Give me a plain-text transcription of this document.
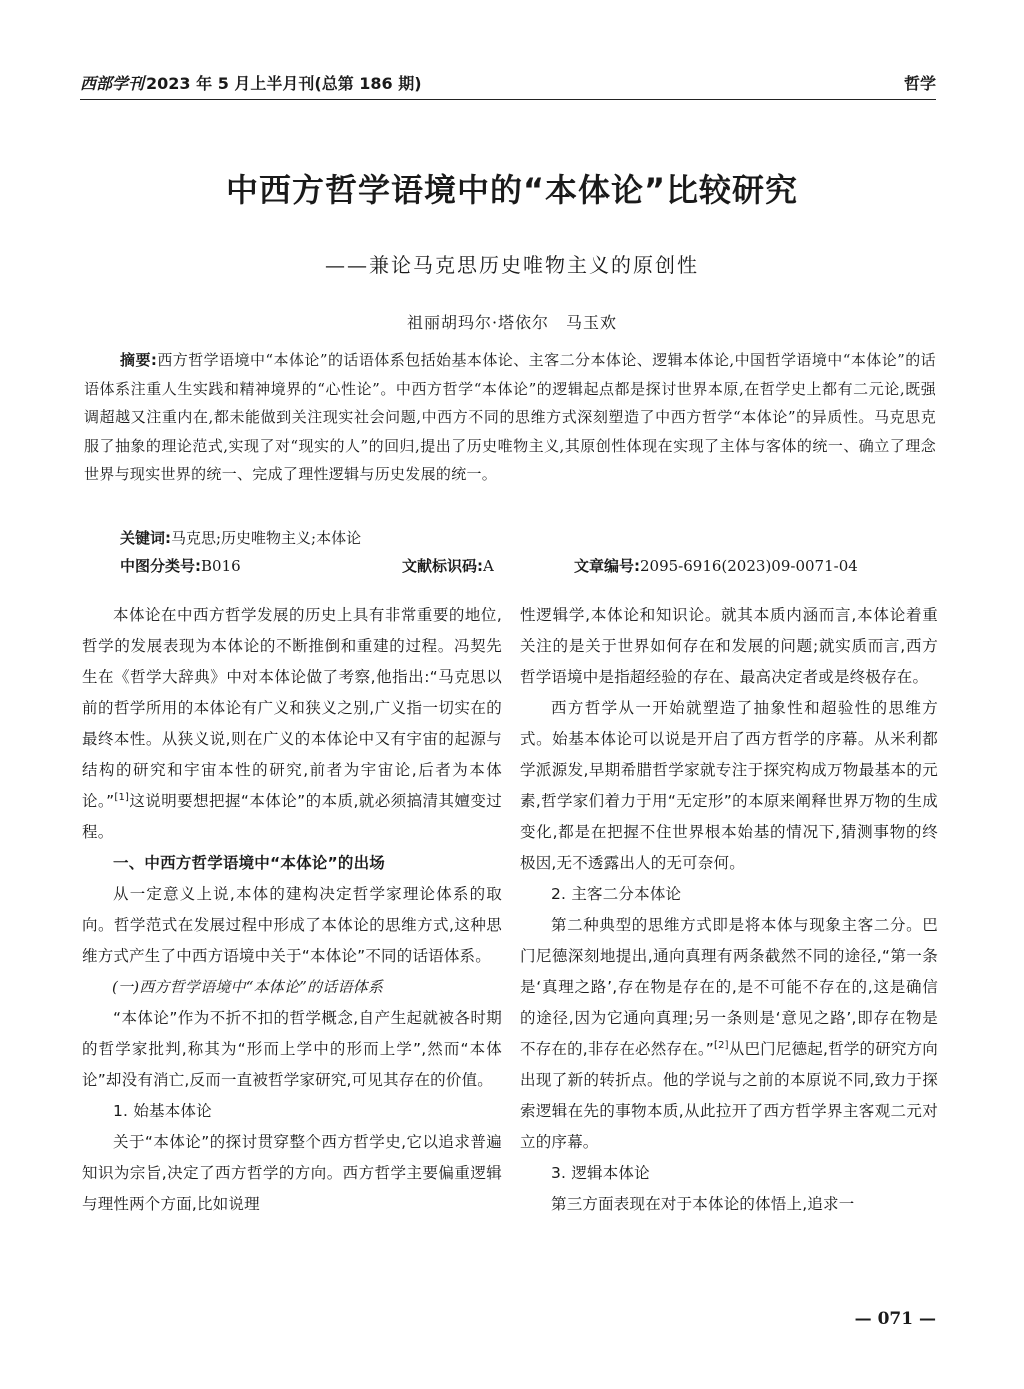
西部学刊 2023 年 5 月上半月刊(总第 186 期)	哲学
中西方哲学语境中的“本体论”比较研究
——兼论马克思历史唯物主义的原创性
祖丽胡玛尔·塔依尔　马玉欢

摘要:西方哲学语境中“本体论”的话语体系包括始基本体论、主客二分本体论、逻辑本体论,中国哲学语境中“本体论”的话语体系注重人生实践和精神境界的“心性论”。中西方哲学“本体论”的逻辑起点都是探讨世界本原,在哲学史上都有二元论,既强调超越又注重内在,都未能做到关注现实社会问题,中西方不同的思维方式深刻塑造了中西方哲学“本体论”的异质性。马克思克服了抽象的理论范式,实现了对“现实的人”的回归,提出了历史唯物主义,其原创性体现在实现了主体与客体的统一、确立了理念世界与现实世界的统一、完成了理性逻辑与历史发展的统一。

关键词:马克思;历史唯物主义;本体论
中图分类号:B016	文献标识码:A	文章编号:2095-6916(2023)09-0071-04

本体论在中西方哲学发展的历史上具有非常重要的地位,哲学的发展表现为本体论的不断推倒和重建的过程。冯契先生在《哲学大辞典》中对本体论做了考察,他指出:“马克思以前的哲学所用的本体论有广义和狭义之别,广义指一切实在的最终本性。从狭义说,则在广义的本体论中又有宇宙的起源与结构的研究和宇宙本性的研究,前者为宇宙论,后者为本体论。”[1]这说明要想把握“本体论”的本质,就必须搞清其嬗变过程。

一、中西方哲学语境中“本体论”的出场

从一定意义上说,本体的建构决定哲学家理论体系的取向。哲学范式在发展过程中形成了本体论的思维方式,这种思维方式产生了中西方语境中关于“本体论”不同的话语体系。

(一)西方哲学语境中“本体论”的话语体系

“本体论”作为不折不扣的哲学概念,自产生起就被各时期的哲学家批判,称其为“形而上学中的形而上学”,然而“本体论”却没有消亡,反而一直被哲学家研究,可见其存在的价值。

1. 始基本体论

关于“本体论”的探讨贯穿整个西方哲学史,它以追求普遍知识为宗旨,决定了西方哲学的方向。西方哲学主要偏重逻辑与理性两个方面,比如说理

性逻辑学,本体论和知识论。就其本质内涵而言,本体论着重关注的是关于世界如何存在和发展的问题;就实质而言,西方哲学语境中是指超经验的存在、最高决定者或是终极存在。

西方哲学从一开始就塑造了抽象性和超验性的思维方式。始基本体论可以说是开启了西方哲学的序幕。从米利都学派源发,早期希腊哲学家就专注于探究构成万物最基本的元素,哲学家们着力于用“无定形”的本原来阐释世界万物的生成变化,都是在把握不住世界根本始基的情况下,猜测事物的终极因,无不透露出人的无可奈何。

2. 主客二分本体论

第二种典型的思维方式即是将本体与现象主客二分。巴门尼德深刻地提出,通向真理有两条截然不同的途径,“第一条是‘真理之路’,存在物是存在的,是不可能不存在的,这是确信的途径,因为它通向真理;另一条则是‘意见之路’,即存在物是不存在的,非存在必然存在。”[2]从巴门尼德起,哲学的研究方向出现了新的转折点。他的学说与之前的本原说不同,致力于探索逻辑在先的事物本质,从此拉开了西方哲学界主客观二元对立的序幕。

3. 逻辑本体论

第三方面表现在对于本体论的体悟上,追求一

— 071 —
